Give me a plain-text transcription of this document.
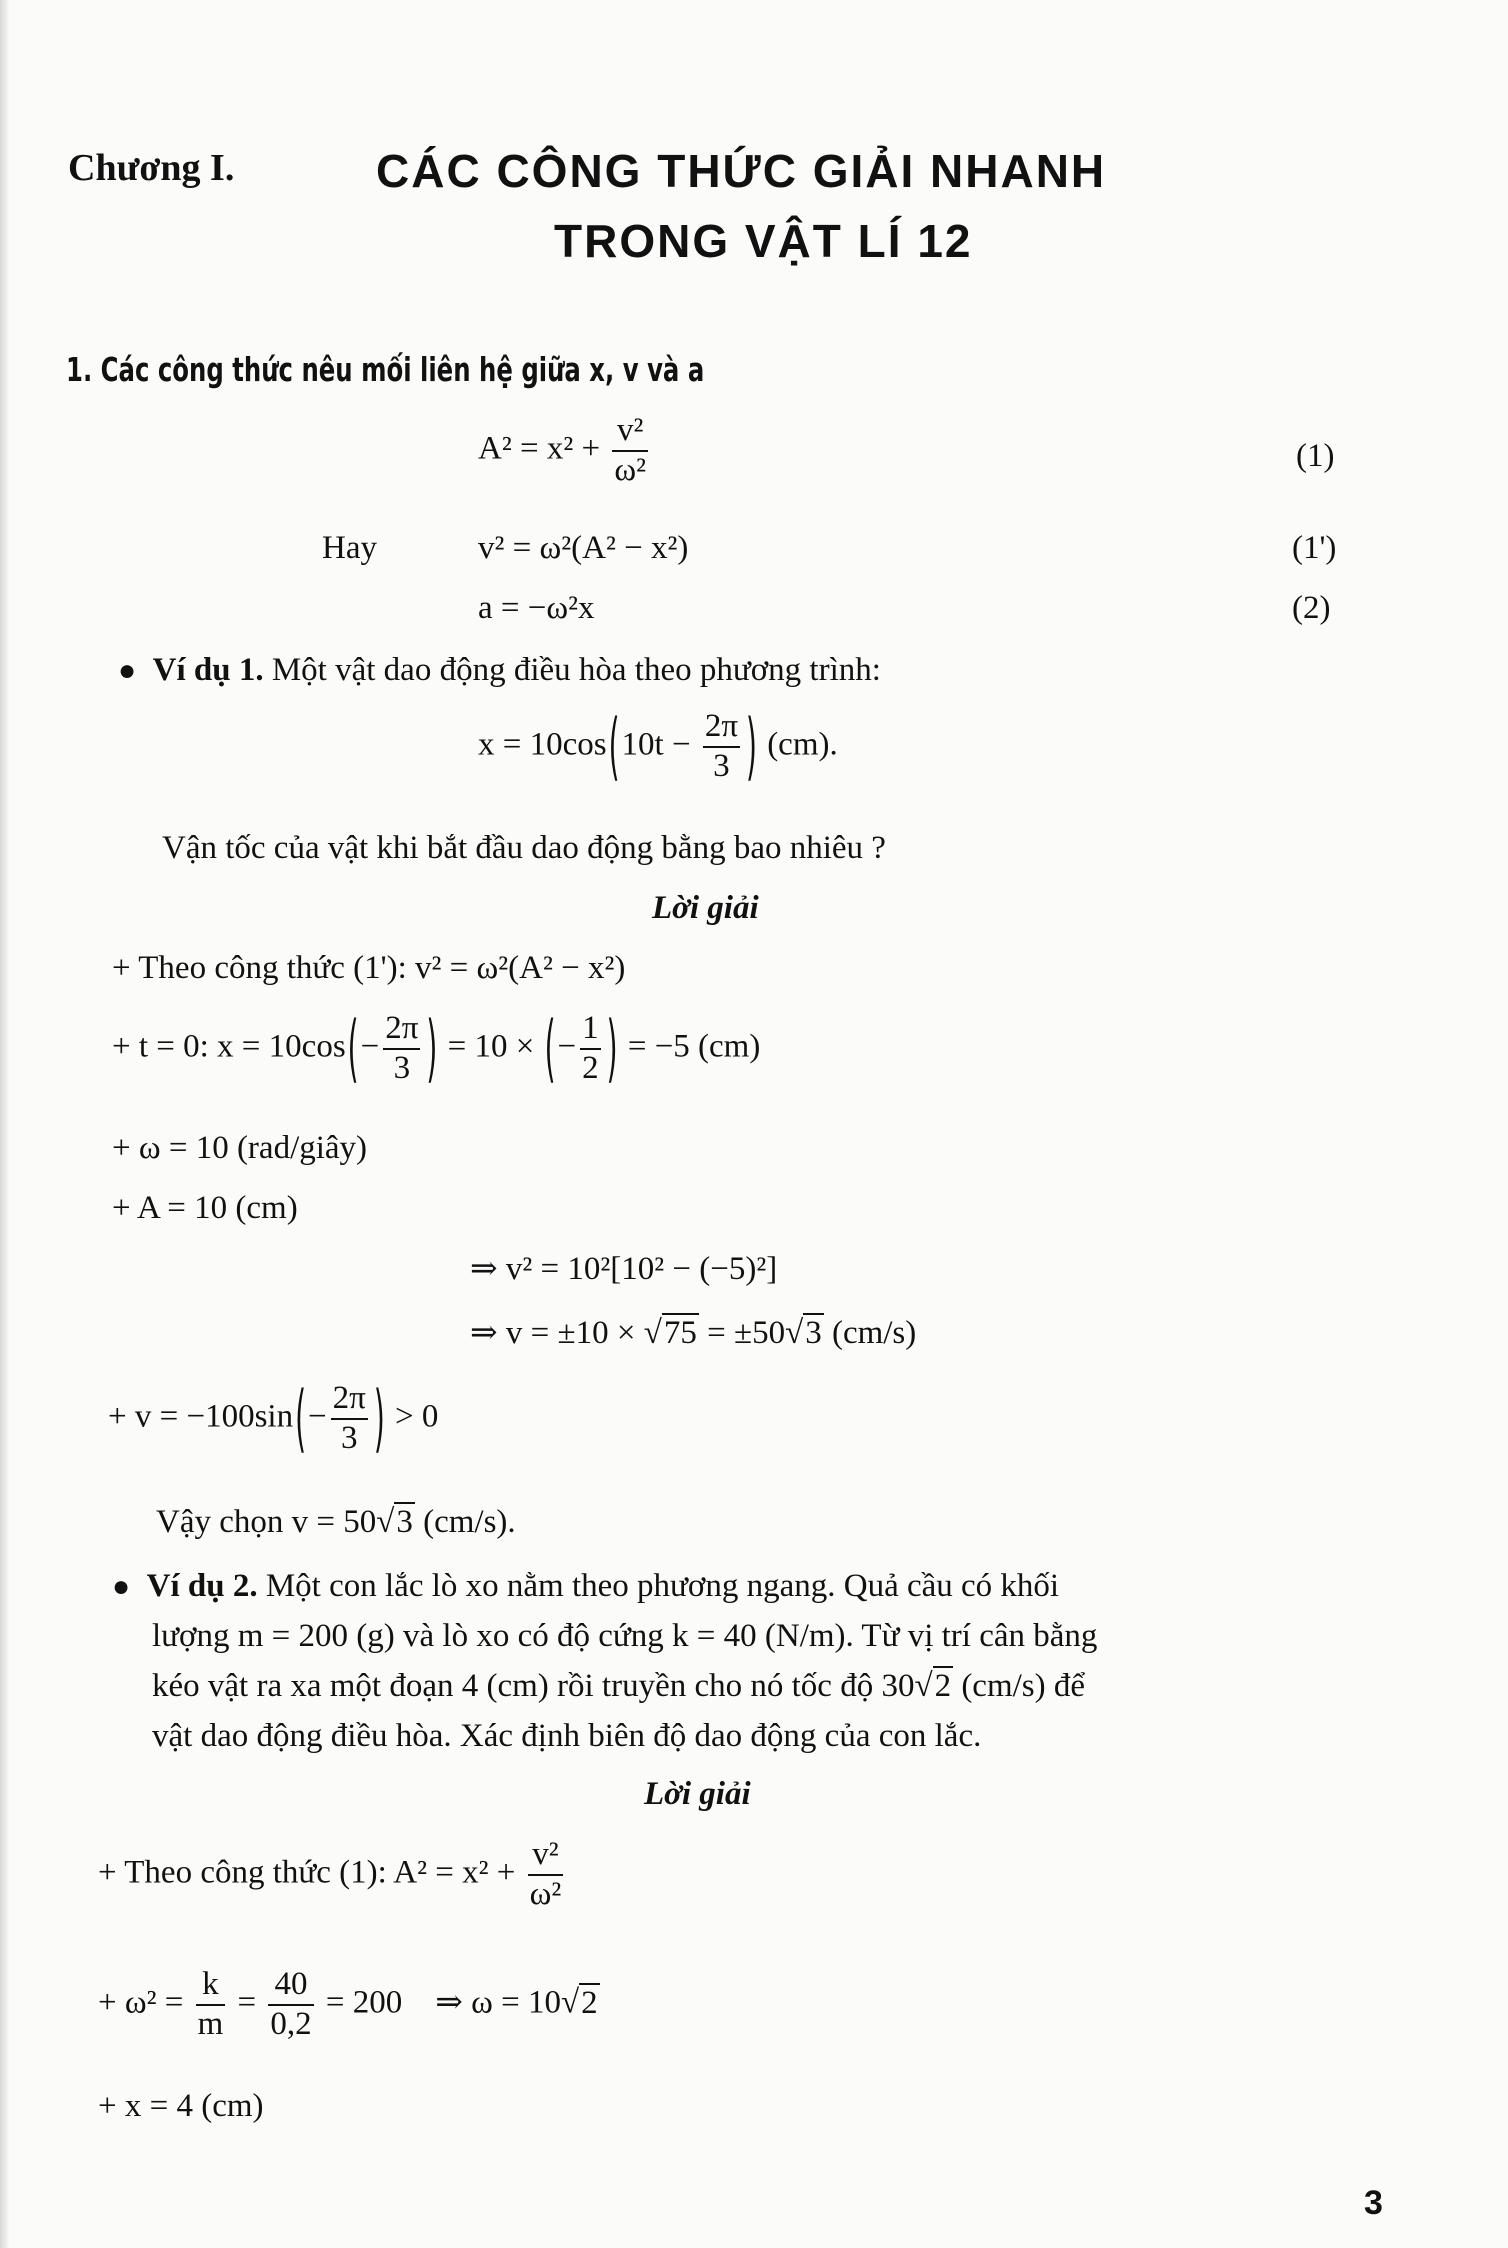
Chương I.	CÁC CÔNG THỨC GIẢI NHANH
TRONG VẬT LÍ 12
1. Các công thức nêu mối liên hệ giữa x, v và a
$A^2 = x^2 + \frac{\text{v²}}{\text{ω²}}$	(1)
Hay	v² = ω²(A² − x²)	(1')
a = −ω²x	(2)
● Ví dụ 1. Một vật dao động điều hòa theo phương trình:
$x = 10\cos(10t - \frac{2\pi}{3}$ ) (cm).
Vận tốc của vật khi bắt đầu dao động bằng bao nhiêu ?
Lời giải
+ Theo công thức (1'): v² = ω²(A² − x²)
+ t = 0: $x = 10\cos(- \frac{2\pi}{3}$ ) = 10 × (− $\frac{1}{2}$ ) = −5 (cm)
+ ω = 10 (rad/giây)
+ A = 10 (cm)
⇒ v² = 10²[10² − (−5)²]
⇒ v = ±10 × √75 = ±50√3 (cm/s)
+ $v = -100\sin(- \frac{2\pi}{3}$ ) > 0
Vậy chọn v = 50√3 (cm/s).
● Ví dụ 2. Một con lắc lò xo nằm theo phương ngang. Quả cầu có khối
lượng m = 200 (g) và lò xo có độ cứng k = 40 (N/m). Từ vị trí cân bằng
kéo vật ra xa một đoạn 4 (cm) rồi truyền cho nó tốc độ 30√2 (cm/s) để
vật dao động điều hòa. Xác định biên độ dao động của con lắc.
Lời giải
+ Theo công thức (1): $A^2 = x^2 + \frac{\text{v²}}{\text{ω²}}$
+ $\omega^2 = \frac{k}{m} = \frac{40}{0,2} = 200$ ⇒ ω = 10√2
+ x = 4 (cm)
3
